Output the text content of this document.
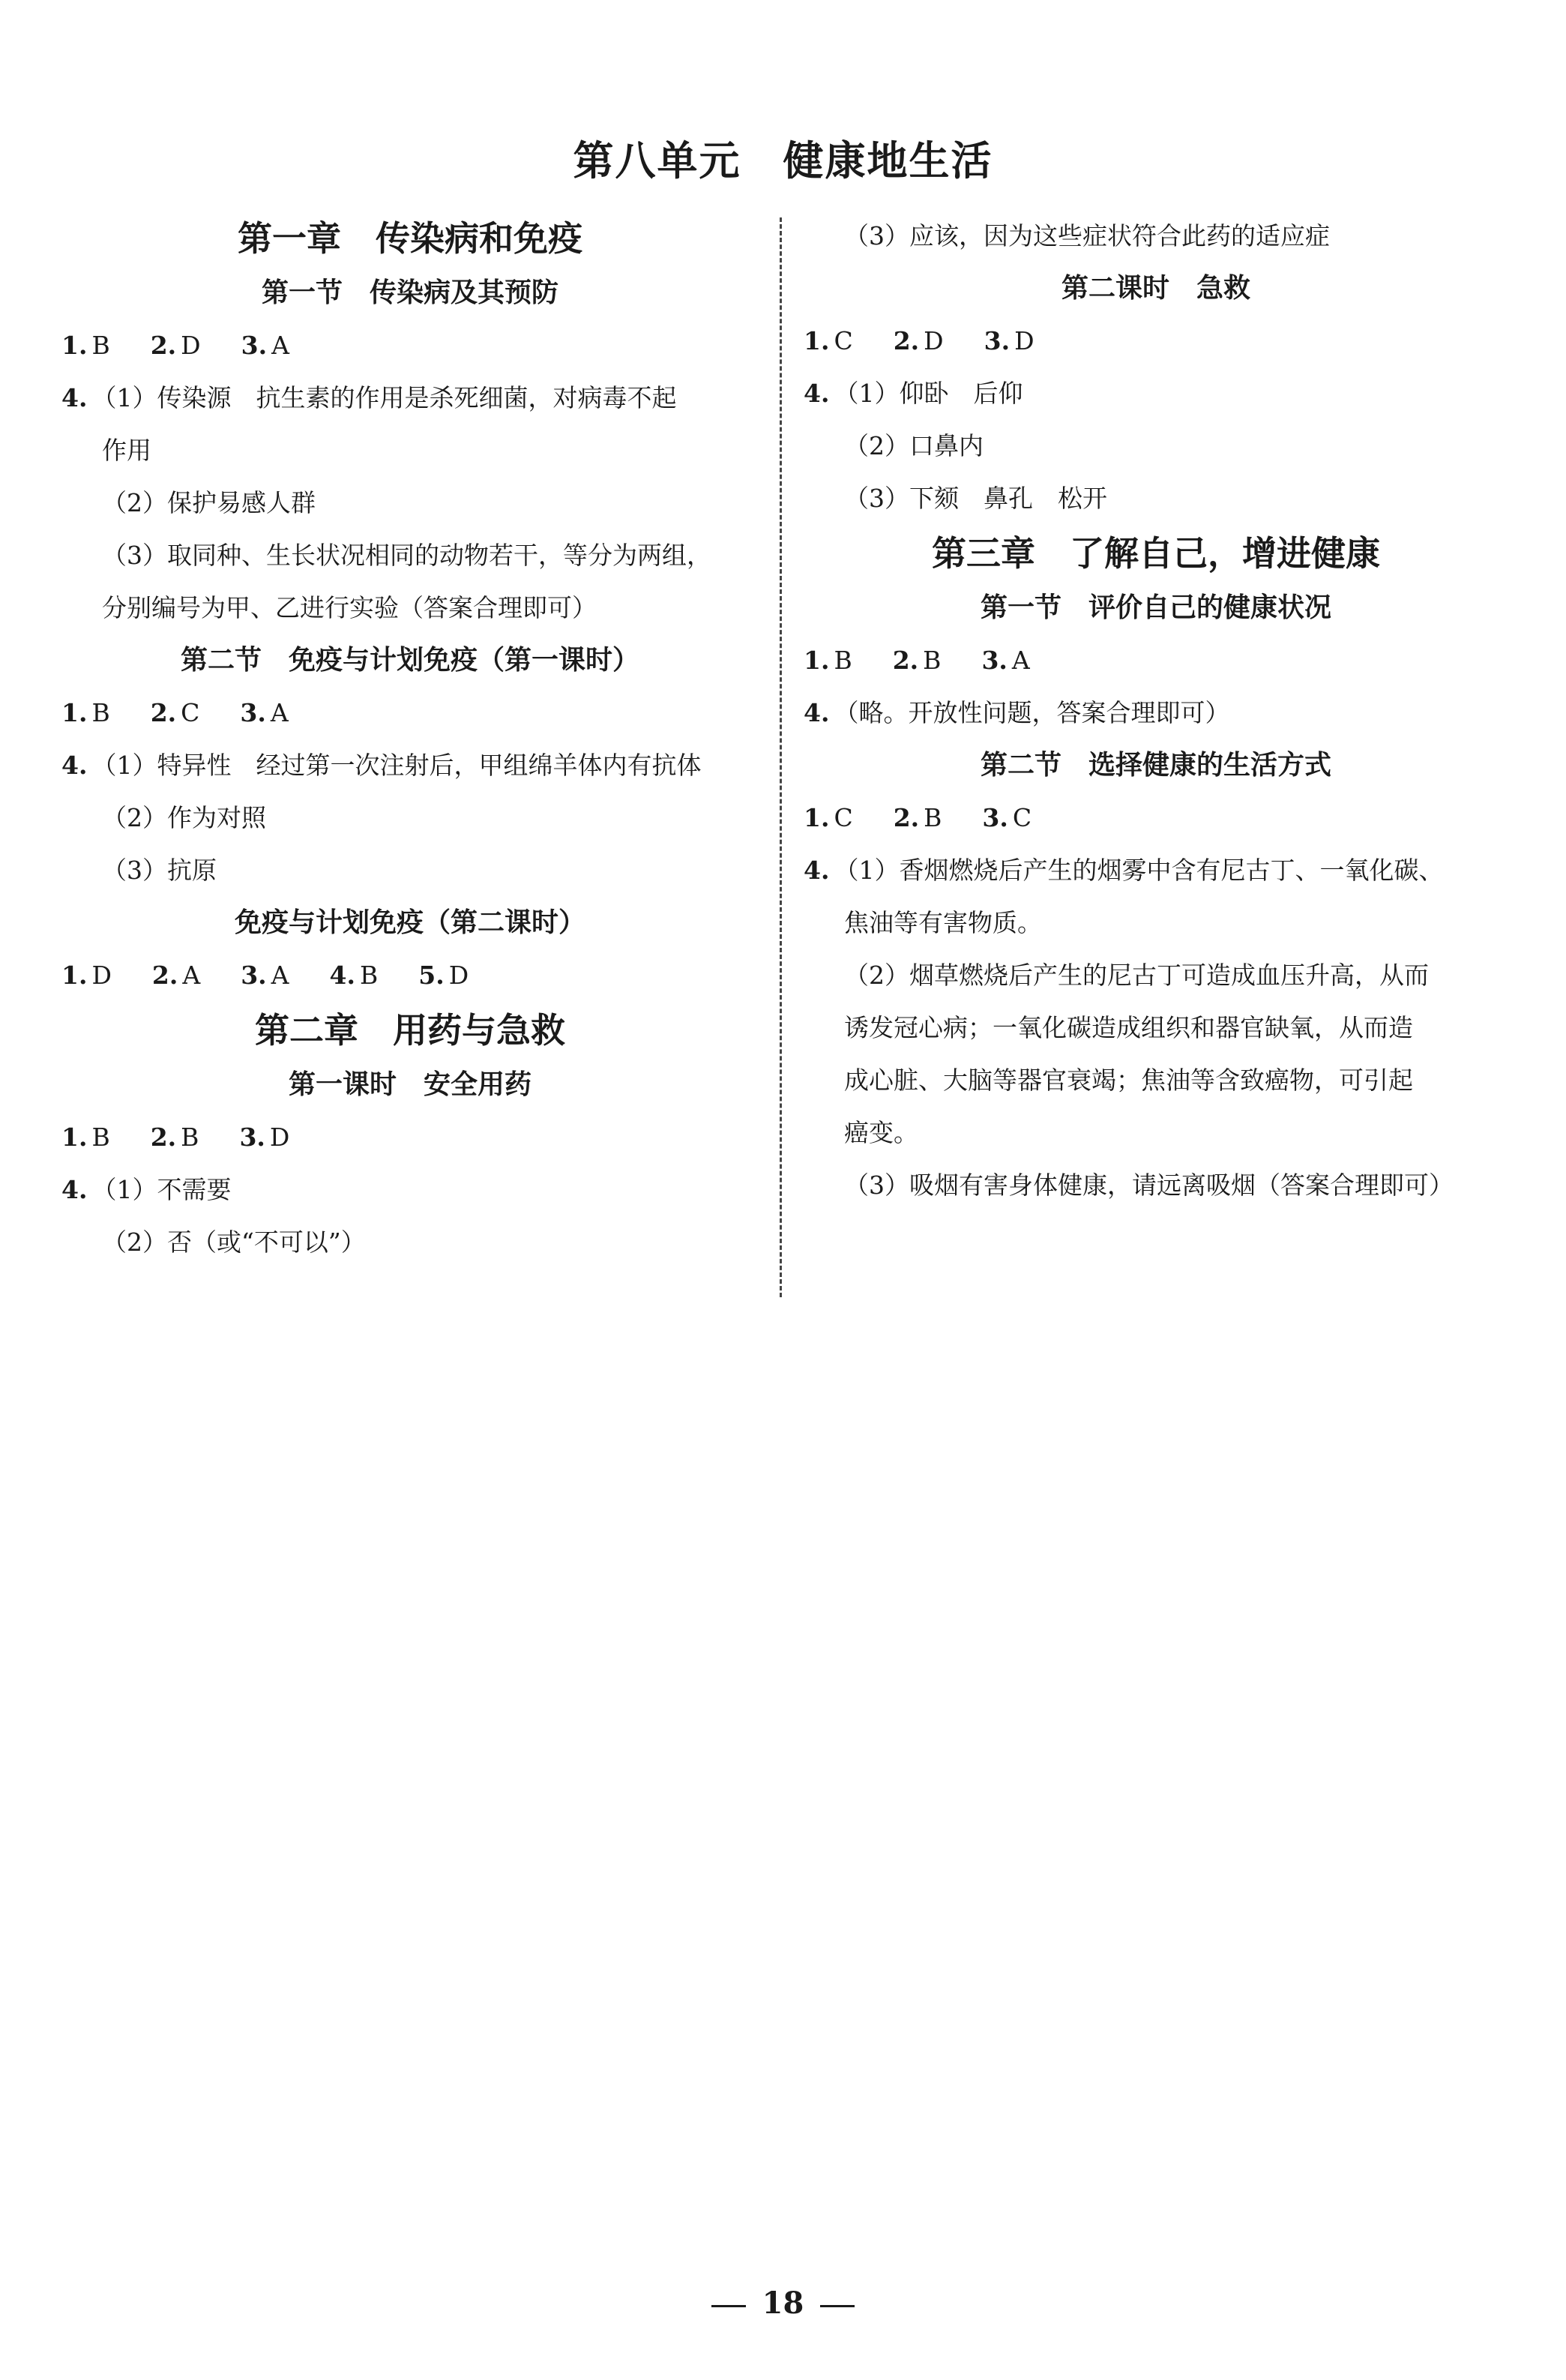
第八单元　健康地生活
第一章　传染病和免疫
第一节　传染病及其预防
1. B 2. D 3. A
4. （1）传染源　抗生素的作用是杀死细菌，对病毒不起
作用
（2）保护易感人群
（3）取同种、生长状况相同的动物若干，等分为两组，
分别编号为甲、乙进行实验（答案合理即可）
第二节　免疫与计划免疫（第一课时）
1. B 2. C 3. A
4. （1）特异性　经过第一次注射后，甲组绵羊体内有抗体
（2）作为对照
（3）抗原
免疫与计划免疫（第二课时）
1. D 2. A 3. A 4. B 5. D
第二章　用药与急救
第一课时　安全用药
1. B 2. B 3. D
4. （1）不需要
（2）否（或“不可以”）
（3）应该，因为这些症状符合此药的适应症
第二课时　急救
1. C 2. D 3. D
4. （1）仰卧　后仰
（2）口鼻内
（3）下颏　鼻孔　松开
第三章　了解自己，增进健康
第一节　评价自己的健康状况
1. B 2. B 3. A
4. （略。开放性问题，答案合理即可）
第二节　选择健康的生活方式
1. C 2. B 3. C
4. （1）香烟燃烧后产生的烟雾中含有尼古丁、一氧化碳、
焦油等有害物质。
（2）烟草燃烧后产生的尼古丁可造成血压升高，从而
诱发冠心病；一氧化碳造成组织和器官缺氧，从而造
成心脏、大脑等器官衰竭；焦油等含致癌物，可引起
癌变。
（3）吸烟有害身体健康，请远离吸烟（答案合理即可）
18
